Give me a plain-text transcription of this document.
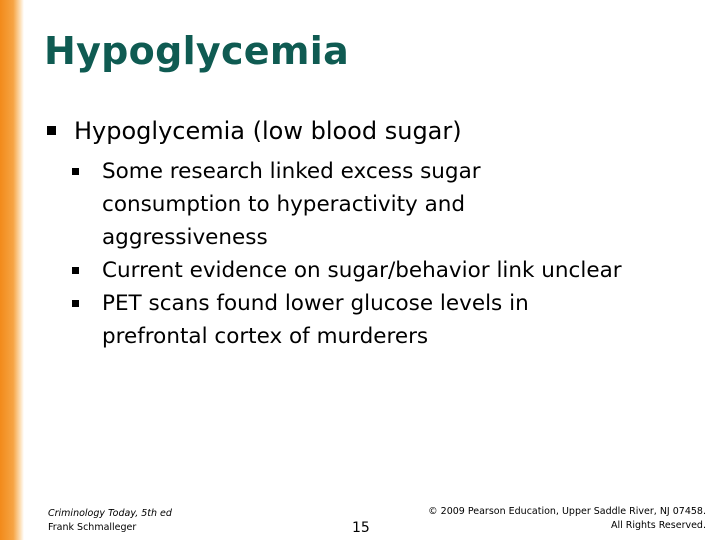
Hypoglycemia
Hypoglycemia (low blood sugar)
Some research linked excess sugar consumption to hyperactivity and aggressiveness
Current evidence on sugar/behavior link unclear
PET scans found lower glucose levels in prefrontal cortex of murderers
Criminology Today, 5th ed
Frank Schmalleger	15
© 2009 Pearson Education, Upper Saddle River, NJ 07458.
All Rights Reserved.
